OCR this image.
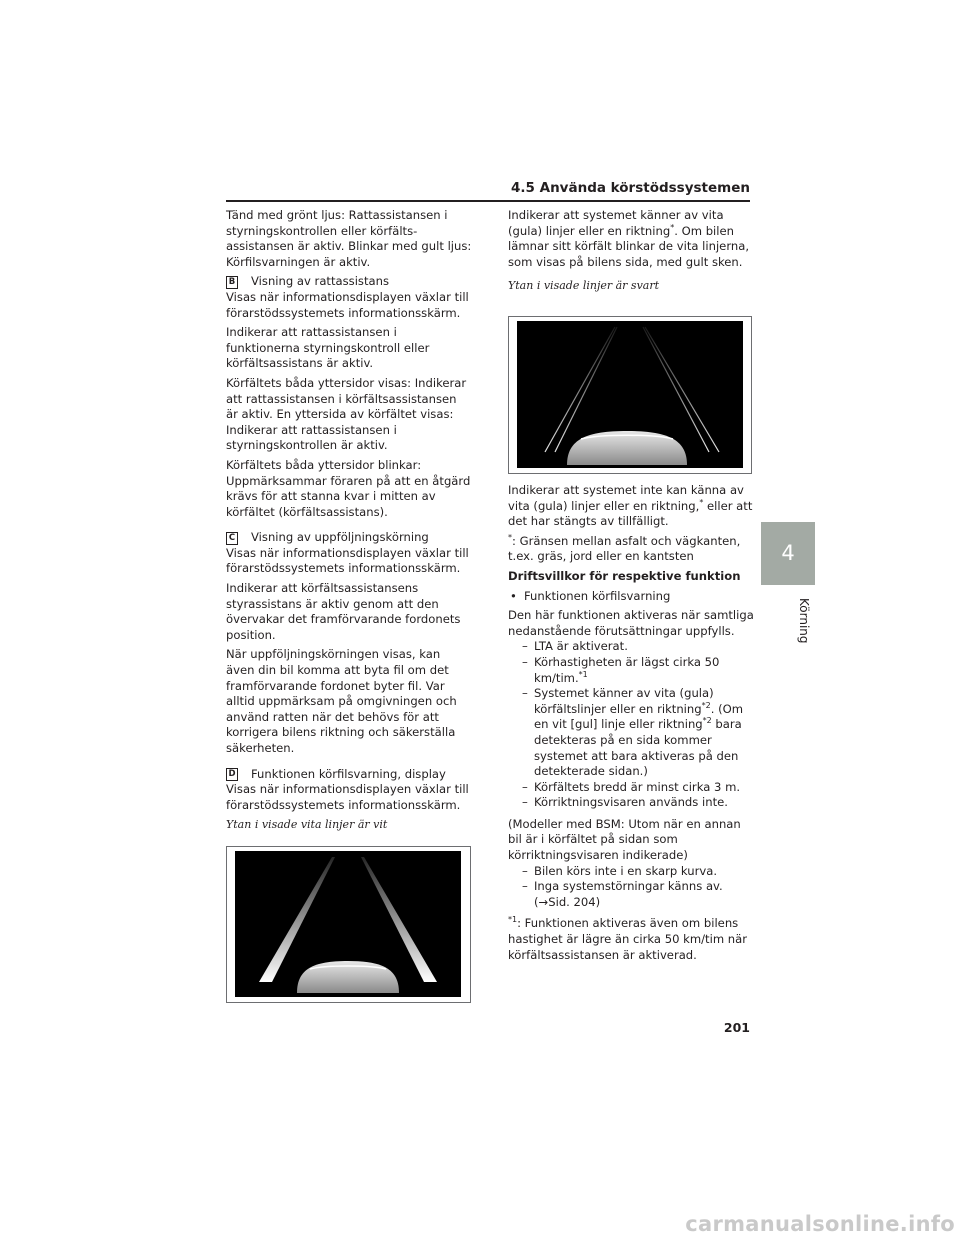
4.5 Använda körstödssystemen

Tänd med grönt ljus: Rattassistansen i styrningskontrollen eller körfälts-assistansen är aktiv. Blinkar med gult ljus: Körfilsvarningen är aktiv.

B Visning av rattassistans

Visas när informationsdisplayen växlar till förarstödssystemets informationsskärm.

Indikerar att rattassistansen i funktionerna styrningskontroll eller körfältsassistans är aktiv.

Körfältets båda yttersidor visas: Indikerar att rattassistansen i körfältsassistansen är aktiv. En yttersida av körfältet visas: Indikerar att rattassistansen i styrningskontrollen är aktiv.

Körfältets båda yttersidor blinkar: Uppmärksammar föraren på att en åtgärd krävs för att stanna kvar i mitten av körfältet (körfältsassistans).

C Visning av uppföljningskörning

Visas när informationsdisplayen växlar till förarstödssystemets informationsskärm.

Indikerar att körfältsassistansens styrassistans är aktiv genom att den övervakar det framförvarande fordonets position.

När uppföljningskörningen visas, kan även din bil komma att byta fil om det framförvarande fordonet byter fil. Var alltid uppmärksam på omgivningen och använd ratten när det behövs för att korrigera bilens riktning och säkerställa säkerheten.

D Funktionen körfilsvarning, display

Visas när informationsdisplayen växlar till förarstödssystemets informationsskärm.

Ytan i visade vita linjer är vit

Indikerar att systemet känner av vita (gula) linjer eller en riktning*. Om bilen lämnar sitt körfält blinkar de vita linjerna, som visas på bilens sida, med gult sken.

Ytan i visade linjer är svart

Indikerar att systemet inte kan känna av vita (gula) linjer eller en riktning,* eller att det har stängts av tillfälligt.

*: Gränsen mellan asfalt och vägkanten, t.ex. gräs, jord eller en kantsten

Driftsvillkor för respektive funktion

• Funktionen körfilsvarning

Den här funktionen aktiveras när samtliga nedanstående förutsättningar uppfylls.

– LTA är aktiverat.
– Körhastigheten är lägst cirka 50 km/tim.$^{*1}$
– Systemet känner av vita (gula) körfältslinjer eller en riktning$^{*2}$. (Om en vit [gul] linje eller riktning$^{*2}$ bara detekteras på en sida kommer systemet att bara aktiveras på den detekterade sidan.)
– Körfältets bredd är minst cirka 3 m.
– Körriktningsvisaren används inte.

(Modeller med BSM: Utom när en annan bil är i körfältet på sidan som körriktningsvisaren indikerade)

– Bilen körs inte i en skarp kurva.
– Inga systemstörningar känns av. (→Sid. 204)

$^{*1}$: Funktionen aktiveras även om bilens hastighet är lägre än cirka 50 km/tim när körfältsassistansen är aktiverad.

4
Körning
201
carmanualsonline.info
